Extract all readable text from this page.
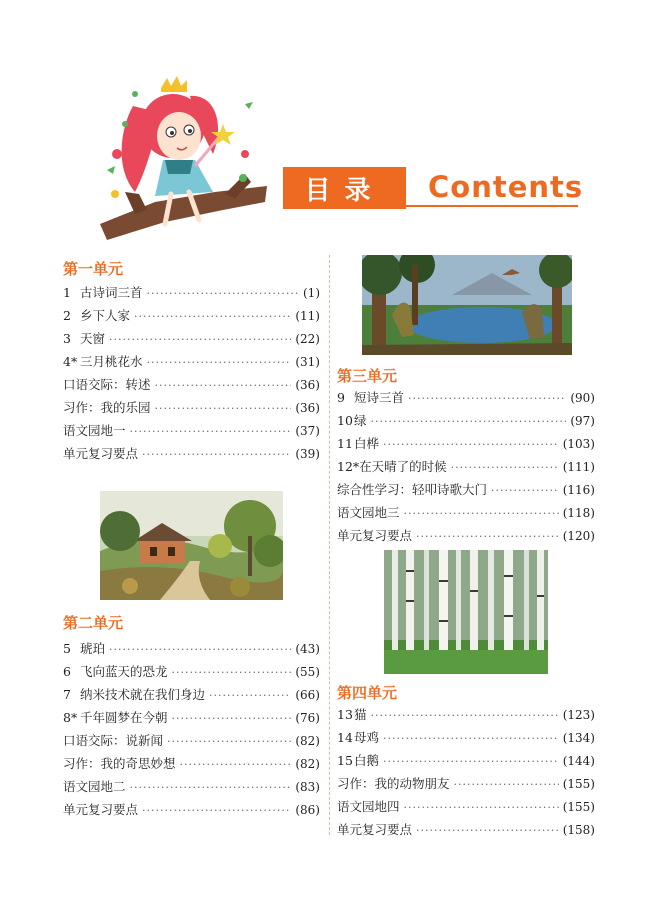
目录	Contents
第一单元
1 古诗词三首 ·····	(1)
2 乡下人家 ·····	(11)
3 天窗 ·····	(22)
4* 三月桃花水 ·····	(31)
口语交际：转述 ·····	(36)
习作：我的乐园 ·····	(36)
语文园地一 ·····	(37)
单元复习要点 ·····	(39)
第二单元
5 琥珀 ·····	(43)
6 飞向蓝天的恐龙 ·····	(55)
7 纳米技术就在我们身边 ·····	(66)
8* 千年圆梦在今朝 ·····	(76)
口语交际：说新闻 ·····	(82)
习作：我的奇思妙想 ·····	(82)
语文园地二 ·····	(83)
单元复习要点 ·····	(86)
第三单元
9 短诗三首 ·····	(90)
10 绿 ·····	(97)
11 白桦 ·····	(103)
12* 在天晴了的时候 ·····	(111)
综合性学习：轻叩诗歌大门 ·····	(116)
语文园地三 ·····	(118)
单元复习要点 ·····	(120)
第四单元
13 猫 ·····	(123)
14 母鸡 ·····	(134)
15 白鹅 ·····	(144)
习作：我的动物朋友 ·····	(155)
语文园地四 ·····	(155)
单元复习要点 ·····	(158)
